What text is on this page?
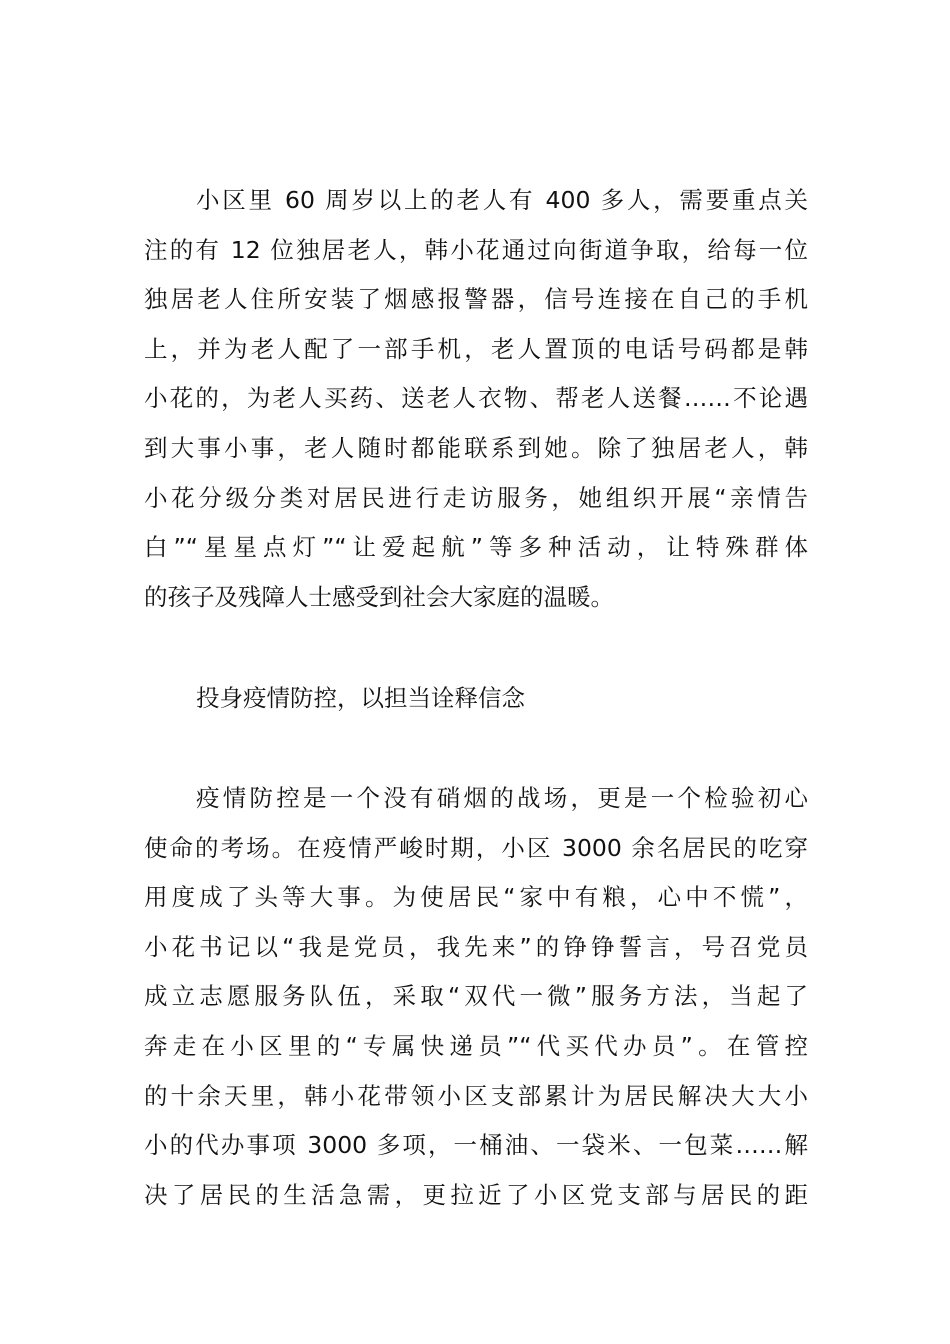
小区里 60 周岁以上的老人有 400 多人，需要重点关
注的有 12 位独居老人，韩小花通过向街道争取，给每一位
独居老人住所安装了烟感报警器，信号连接在自己的手机
上，并为老人配了一部手机，老人置顶的电话号码都是韩
小花的，为老人买药、送老人衣物、帮老人送餐……不论遇
到大事小事，老人随时都能联系到她。除了独居老人，韩
小花分级分类对居民进行走访服务，她组织开展“亲情告
白”“星星点灯”“让爱起航”等多种活动，让特殊群体
的孩子及残障人士感受到社会大家庭的温暖。
投身疫情防控，以担当诠释信念
疫情防控是一个没有硝烟的战场，更是一个检验初心
使命的考场。在疫情严峻时期，小区 3000 余名居民的吃穿
用度成了头等大事。为使居民“家中有粮，心中不慌”，
小花书记以“我是党员，我先来”的铮铮誓言，号召党员
成立志愿服务队伍，采取“双代一微”服务方法，当起了
奔走在小区里的“专属快递员”“代买代办员”。在管控
的十余天里，韩小花带领小区支部累计为居民解决大大小
小的代办事项 3000 多项，一桶油、一袋米、一包菜……解
决了居民的生活急需，更拉近了小区党支部与居民的距
